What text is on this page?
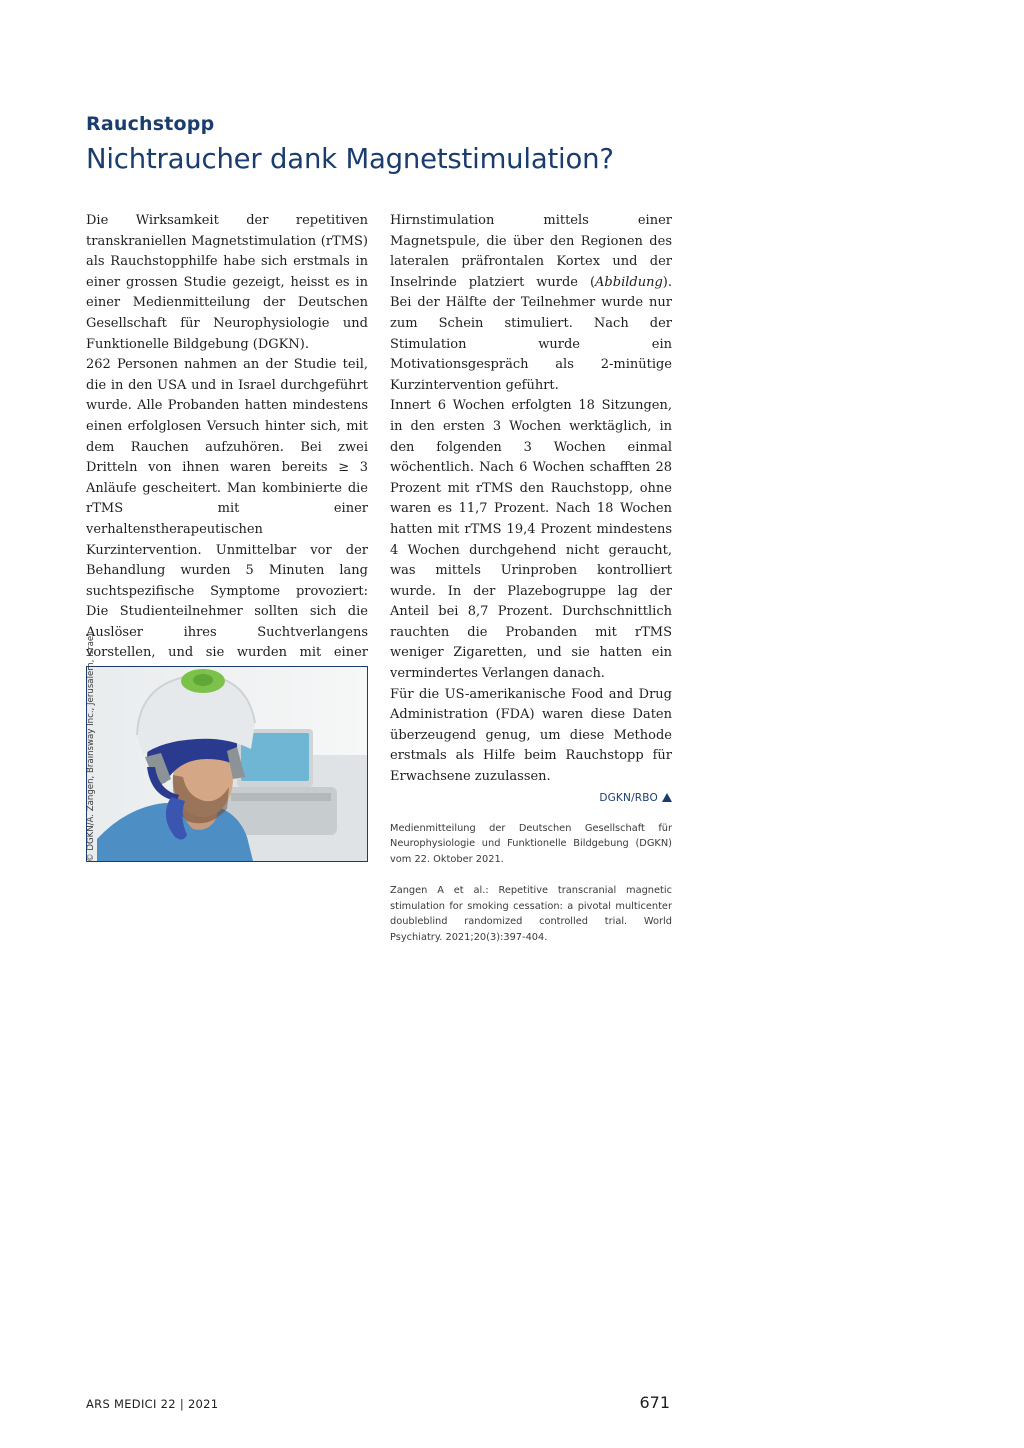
Rauchstopp
Nichtraucher dank Magnetstimulation?

Die Wirksamkeit der repetitiven transkraniellen Magnetstimulation (rTMS) als Rauchstopphilfe habe sich erstmals in einer grossen Studie gezeigt, heisst es in einer Medienmitteilung der Deutschen Gesellschaft für Neurophysiologie und Funktionelle Bildgebung (DGKN).

262 Personen nahmen an der Studie teil, die in den USA und in Israel durchgeführt wurde. Alle Probanden hatten mindestens einen erfolglosen Versuch hinter sich, mit dem Rauchen aufzuhören. Bei zwei Dritteln von ihnen waren bereits ≥ 3 Anläufe gescheitert. Man kombinierte die rTMS mit einer verhaltenstherapeutischen Kurzintervention. Unmittelbar vor der Behandlung wurden 5 Minuten lang suchtspezifische Symptome provoziert: Die Studienteilnehmer sollten sich die Auslöser ihres Suchtverlangens vorstellen, und sie wurden mit einer

© DGKN/A. Zangen, Brainsway Inc., Jerusalem, Israel

Hirnstimulation mittels einer Magnetspule, die über den Regionen des lateralen präfrontalen Kortex und der Inselrinde platziert wurde (Abbildung). Bei der Hälfte der Teilnehmer wurde nur zum Schein stimuliert. Nach der Stimulation wurde ein Motivationsgespräch als 2-minütige Kurzintervention geführt.

Innert 6 Wochen erfolgten 18 Sitzungen, in den ersten 3 Wochen werktäglich, in den folgenden 3 Wochen einmal wöchentlich. Nach 6 Wochen schafften 28 Prozent mit rTMS den Rauchstopp, ohne waren es 11,7 Prozent. Nach 18 Wochen hatten mit rTMS 19,4 Prozent mindestens 4 Wochen durchgehend nicht geraucht, was mittels Urinproben kontrolliert wurde. In der Plazebogruppe lag der Anteil bei 8,7 Prozent. Durchschnittlich rauchten die Probanden mit rTMS weniger Zigaretten, und sie hatten ein vermindertes Verlangen danach.

Für die US-amerikanische Food and Drug Administration (FDA) waren diese Daten überzeugend genug, um diese Methode erstmals als Hilfe beim Rauchstopp für Erwachsene zuzulassen.

DGKN/RBO

Medienmitteilung der Deutschen Gesellschaft für Neurophysiologie und Funktionelle Bildgebung (DGKN) vom 22. Oktober 2021.

Zangen A et al.: Repetitive transcranial magnetic stimulation for smoking cessation: a pivotal multicenter doubleblind randomized controlled trial. World Psychiatry. 2021;20(3):397-404.

ARS MEDICI 22 | 2021	671
